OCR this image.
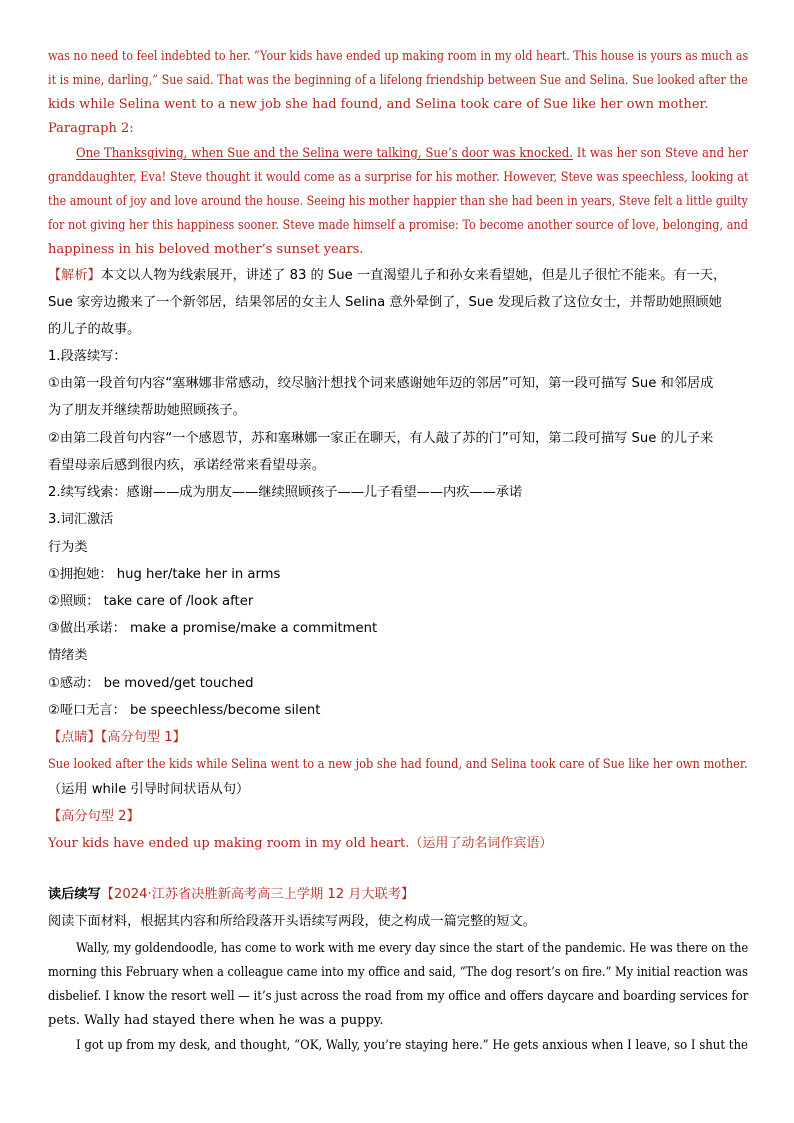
was no need to feel indebted to her. “Your kids have ended up making room in my old heart. This house is yours as much as
it is mine, darling,” Sue said. That was the beginning of a lifelong friendship between Sue and Selina. Sue looked after the
kids while Selina went to a new job she had found, and Selina took care of Sue like her own mother.
Paragraph 2:
One Thanksgiving, when Sue and the Selina were talking, Sue’s door was knocked. It was her son Steve and her
granddaughter, Eva! Steve thought it would come as a surprise for his mother. However, Steve was speechless, looking at
the amount of joy and love around the house. Seeing his mother happier than she had been in years, Steve felt a little guilty
for not giving her this happiness sooner. Steve made himself a promise: To become another source of love, belonging, and
happiness in his beloved mother’s sunset years.
【解析】本文以人物为线索展开，讲述了 83 的 Sue 一直渴望儿子和孙女来看望她，但是儿子很忙不能来。有一天，
Sue 家旁边搬来了一个新邻居，结果邻居的女主人 Selina 意外晕倒了，Sue 发现后救了这位女士，并帮助她照顾她
的儿子的故事。
1.段落续写：
①由第一段首句内容“塞琳娜非常感动，绞尽脑汁想找个词来感谢她年迈的邻居”可知，第一段可描写 Sue 和邻居成
为了朋友并继续帮助她照顾孩子。
②由第二段首句内容“一个感恩节，苏和塞琳娜一家正在聊天，有人敲了苏的门”可知，第二段可描写 Sue 的儿子来
看望母亲后感到很内疚，承诺经常来看望母亲。
2.续写线索：感谢——成为朋友——继续照顾孩子——儿子看望——内疚——承诺
3.词汇激活
行为类
①拥抱她： hug her/take her in arms
②照顾： take care of /look after
③做出承诺： make a promise/make a commitment
情绪类
①感动： be moved/get touched
②哑口无言： be speechless/become silent
【点睛】【高分句型 1】
Sue looked after the kids while Selina went to a new job she had found, and Selina took care of Sue like her own mother.
（运用 while 引导时间状语从句）
【高分句型 2】
Your kids have ended up making room in my old heart.（运用了动名词作宾语）
读后续写【2024·江苏省决胜新高考高三上学期 12 月大联考】
阅读下面材料，根据其内容和所给段落开头语续写两段，使之构成一篇完整的短文。
Wally, my goldendoodle, has come to work with me every day since the start of the pandemic. He was there on the
morning this February when a colleague came into my office and said, “The dog resort’s on fire.” My initial reaction was
disbelief. I know the resort well — it’s just across the road from my office and offers daycare and boarding services for
pets. Wally had stayed there when he was a puppy.
I got up from my desk, and thought, “OK, Wally, you’re staying here.” He gets anxious when I leave, so I shut the
